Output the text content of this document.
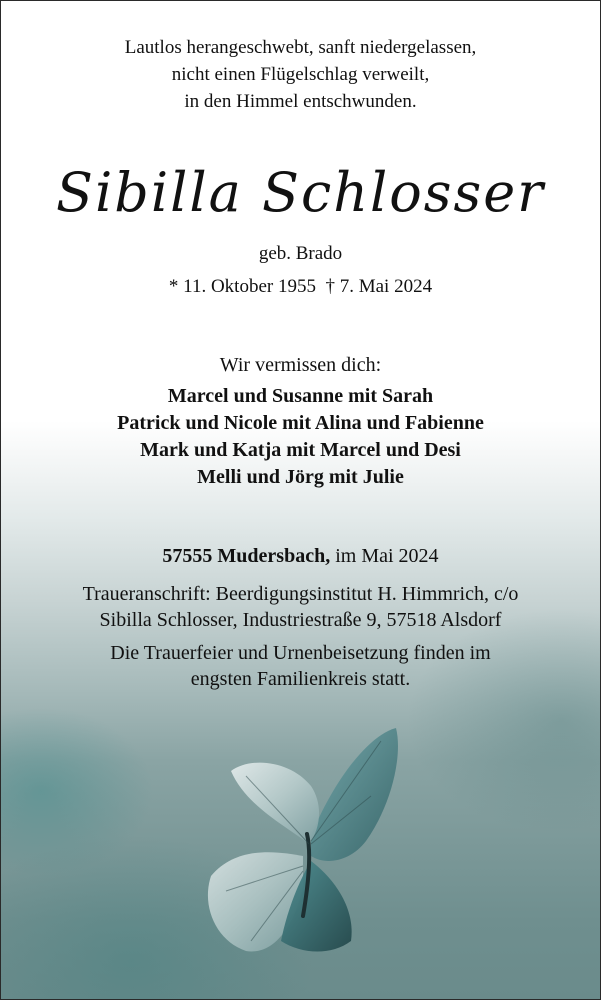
Lautlos herangeschwebt, sanft niedergelassen,
nicht einen Flügelschlag verweilt,
in den Himmel entschwunden.
Sibilla Schlosser
geb. Brado
* 11. Oktober 1955 † 7. Mai 2024
Wir vermissen dich:
Marcel und Susanne mit Sarah
Patrick und Nicole mit Alina und Fabienne
Mark und Katja mit Marcel und Desi
Melli und Jörg mit Julie
57555 Mudersbach, im Mai 2024
Traueranschrift: Beerdigungsinstitut H. Himmrich, c/o
Sibilla Schlosser, Industriestraße 9, 57518 Alsdorf
Die Trauerfeier und Urnenbeisetzung finden im
engsten Familienkreis statt.
